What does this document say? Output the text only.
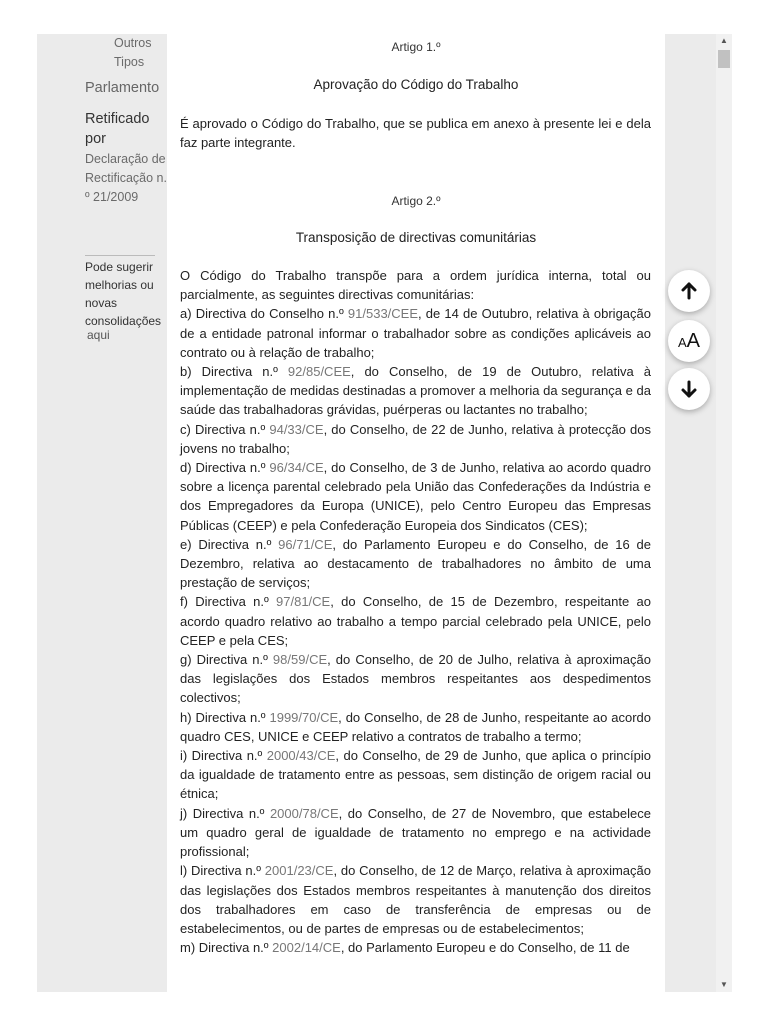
Outros Tipos
Parlamento
Retificado por
Declaração de Rectificação n.º 21/2009
Pode sugerir melhorias ou novas consolidações
aqui
Artigo 1.º
Aprovação do Código do Trabalho
É aprovado o Código do Trabalho, que se publica em anexo à presente lei e dela faz parte integrante.
Artigo 2.º
Transposição de directivas comunitárias
O Código do Trabalho transpõe para a ordem jurídica interna, total ou parcialmente, as seguintes directivas comunitárias:
a) Directiva do Conselho n.º 91/533/CEE, de 14 de Outubro, relativa à obrigação de a entidade patronal informar o trabalhador sobre as condições aplicáveis ao contrato ou à relação de trabalho;
b) Directiva n.º 92/85/CEE, do Conselho, de 19 de Outubro, relativa à implementação de medidas destinadas a promover a melhoria da segurança e da saúde das trabalhadoras grávidas, puérperas ou lactantes no trabalho;
c) Directiva n.º 94/33/CE, do Conselho, de 22 de Junho, relativa à protecção dos jovens no trabalho;
d) Directiva n.º 96/34/CE, do Conselho, de 3 de Junho, relativa ao acordo quadro sobre a licença parental celebrado pela União das Confederações da Indústria e dos Empregadores da Europa (UNICE), pelo Centro Europeu das Empresas Públicas (CEEP) e pela Confederação Europeia dos Sindicatos (CES);
e) Directiva n.º 96/71/CE, do Parlamento Europeu e do Conselho, de 16 de Dezembro, relativa ao destacamento de trabalhadores no âmbito de uma prestação de serviços;
f) Directiva n.º 97/81/CE, do Conselho, de 15 de Dezembro, respeitante ao acordo quadro relativo ao trabalho a tempo parcial celebrado pela UNICE, pelo CEEP e pela CES;
g) Directiva n.º 98/59/CE, do Conselho, de 20 de Julho, relativa à aproximação das legislações dos Estados membros respeitantes aos despedimentos colectivos;
h) Directiva n.º 1999/70/CE, do Conselho, de 28 de Junho, respeitante ao acordo quadro CES, UNICE e CEEP relativo a contratos de trabalho a termo;
i) Directiva n.º 2000/43/CE, do Conselho, de 29 de Junho, que aplica o princípio da igualdade de tratamento entre as pessoas, sem distinção de origem racial ou étnica;
j) Directiva n.º 2000/78/CE, do Conselho, de 27 de Novembro, que estabelece um quadro geral de igualdade de tratamento no emprego e na actividade profissional;
l) Directiva n.º 2001/23/CE, do Conselho, de 12 de Março, relativa à aproximação das legislações dos Estados membros respeitantes à manutenção dos direitos dos trabalhadores em caso de transferência de empresas ou de estabelecimentos, ou de partes de empresas ou de estabelecimentos;
m) Directiva n.º 2002/14/CE, do Parlamento Europeu e do Conselho, de 11 de
▲
▼
AA
